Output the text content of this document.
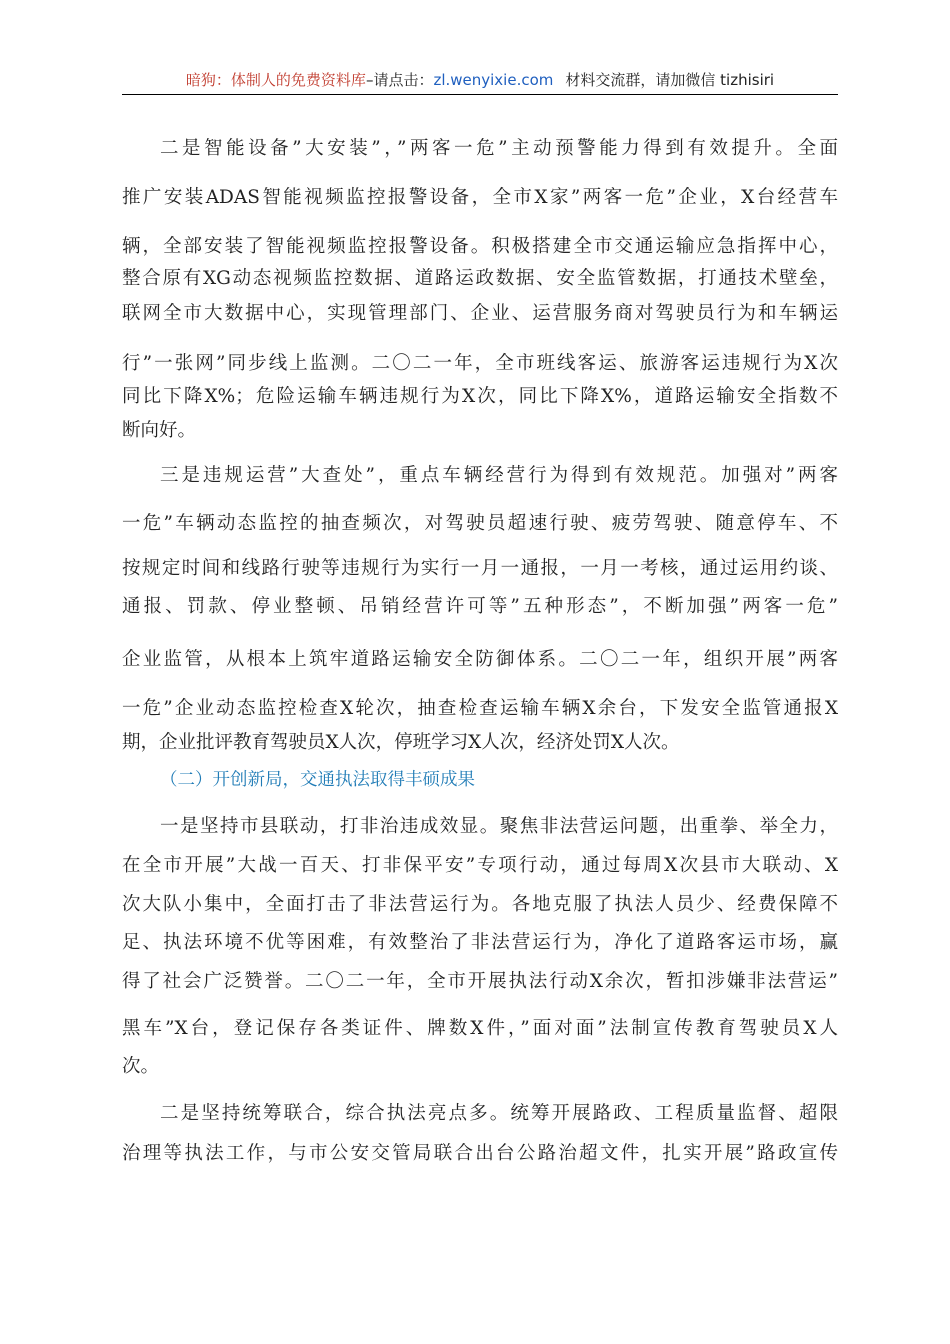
暗狗：体制人的免费资料库–请点击：zl.wenyixie.com 材料交流群，请加微信 tizhisiri
二是智能设备”大安装”，”两客一危”主动预警能力得到有效提升。全面
推广安装ADAS智能视频监控报警设备，全市X家”两客一危”企业，X台经营车
辆，全部安装了智能视频监控报警设备。积极搭建全市交通运输应急指挥中心，
整合原有XG动态视频监控数据、道路运政数据、安全监管数据，打通技术壁垒，
联网全市大数据中心，实现管理部门、企业、运营服务商对驾驶员行为和车辆运
行”一张网”同步线上监测。二〇二一年，全市班线客运、旅游客运违规行为X次
同比下降X%；危险运输车辆违规行为X次，同比下降X%，道路运输安全指数不
断向好。
三是违规运营”大查处”，重点车辆经营行为得到有效规范。加强对”两客
一危”车辆动态监控的抽查频次，对驾驶员超速行驶、疲劳驾驶、随意停车、不
按规定时间和线路行驶等违规行为实行一月一通报，一月一考核，通过运用约谈、
通报、罚款、停业整顿、吊销经营许可等”五种形态”，不断加强”两客一危”
企业监管，从根本上筑牢道路运输安全防御体系。二〇二一年，组织开展”两客
一危”企业动态监控检查X轮次，抽查检查运输车辆X余台，下发安全监管通报X
期，企业批评教育驾驶员X人次，停班学习X人次，经济处罚X人次。
（二）开创新局，交通执法取得丰硕成果
一是坚持市县联动，打非治违成效显。聚焦非法营运问题，出重拳、举全力，
在全市开展”大战一百天、打非保平安”专项行动，通过每周X次县市大联动、X
次大队小集中，全面打击了非法营运行为。各地克服了执法人员少、经费保障不
足、执法环境不优等困难，有效整治了非法营运行为，净化了道路客运市场，赢
得了社会广泛赞誉。二〇二一年，全市开展执法行动X余次，暂扣涉嫌非法营运”
黑车”X台，登记保存各类证件、牌数X件，”面对面”法制宣传教育驾驶员X人
次。
二是坚持统筹联合，综合执法亮点多。统筹开展路政、工程质量监督、超限
治理等执法工作，与市公安交管局联合出台公路治超文件，扎实开展”路政宣传
